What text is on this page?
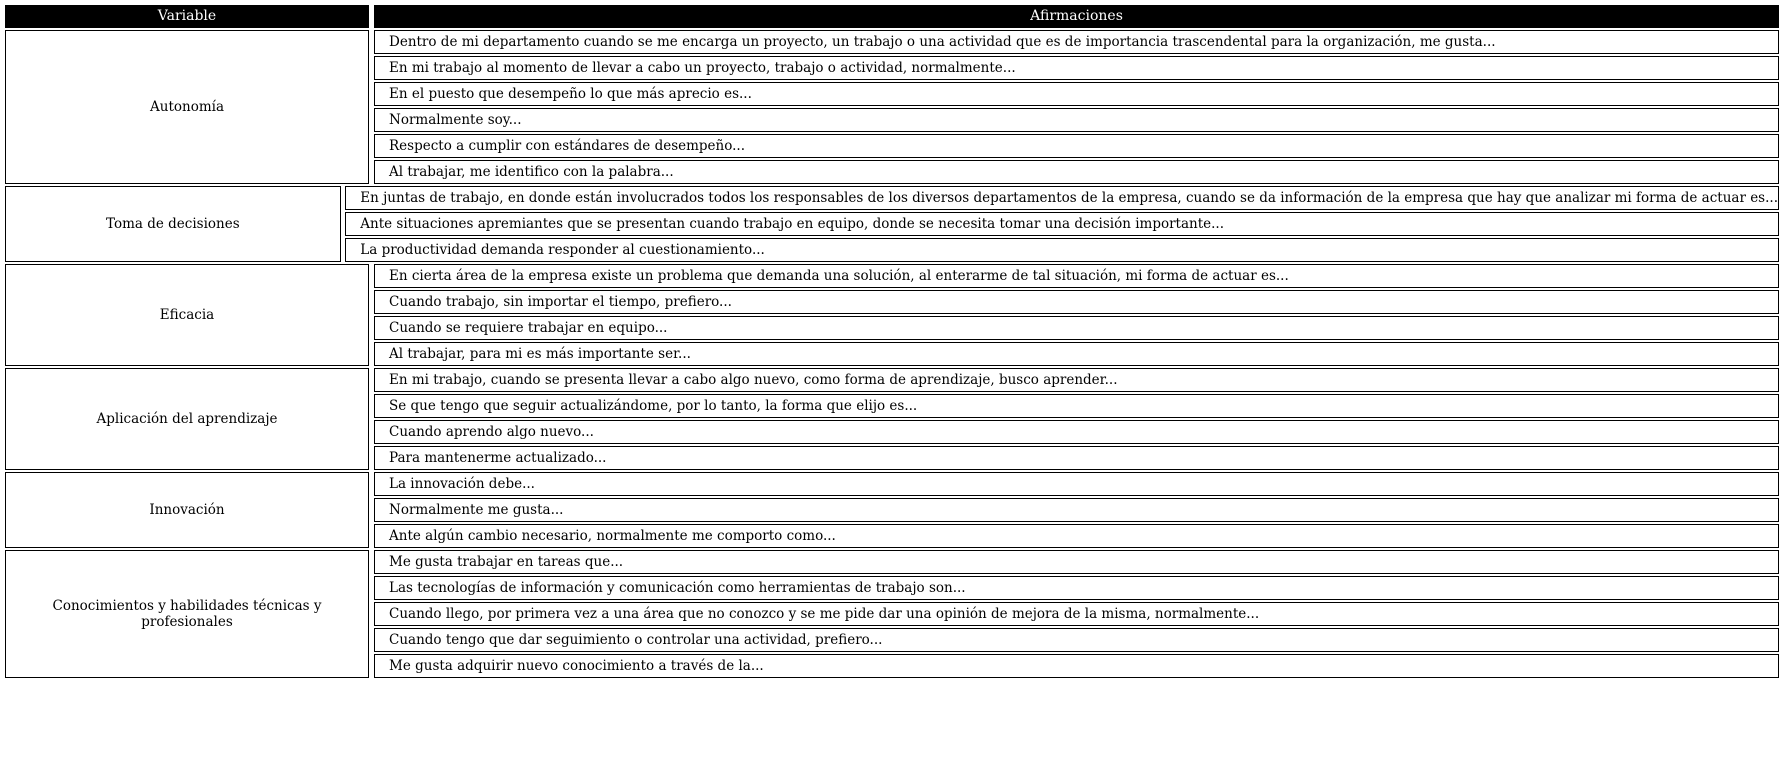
Variable	Afirmaciones
Autonomía
Dentro de mi departamento cuando se me encarga un proyecto, un trabajo o una actividad que es de importancia trascendental para la organización, me gusta...
En mi trabajo al momento de llevar a cabo un proyecto, trabajo o actividad, normalmente...
En el puesto que desempeño lo que más aprecio es...
Normalmente soy...
Respecto a cumplir con estándares de desempeño...
Al trabajar, me identifico con la palabra...
Toma de decisiones
En juntas de trabajo, en donde están involucrados todos los responsables de los diversos departamentos de la empresa, cuando se da información de la empresa que hay que analizar mi forma de actuar es...
Ante situaciones apremiantes que se presentan cuando trabajo en equipo, donde se necesita tomar una decisión importante...
La productividad demanda responder al cuestionamiento...
Eficacia
En cierta área de la empresa existe un problema que demanda una solución, al enterarme de tal situación, mi forma de actuar es...
Cuando trabajo, sin importar el tiempo, prefiero...
Cuando se requiere trabajar en equipo...
Al trabajar, para mi es más importante ser...
Aplicación del aprendizaje
En mi trabajo, cuando se presenta llevar a cabo algo nuevo, como forma de aprendizaje, busco aprender...
Se que tengo que seguir actualizándome, por lo tanto, la forma que elijo es...
Cuando aprendo algo nuevo...
Para mantenerme actualizado...
Innovación
La innovación debe...
Normalmente me gusta...
Ante algún cambio necesario, normalmente me comporto como...
Conocimientos y habilidades técnicas y profesionales
Me gusta trabajar en tareas que...
Las tecnologías de información y comunicación como herramientas de trabajo son...
Cuando llego, por primera vez a una área que no conozco y se me pide dar una opinión de mejora de la misma, normalmente...
Cuando tengo que dar seguimiento o controlar una actividad, prefiero...
Me gusta adquirir nuevo conocimiento a través de la...
